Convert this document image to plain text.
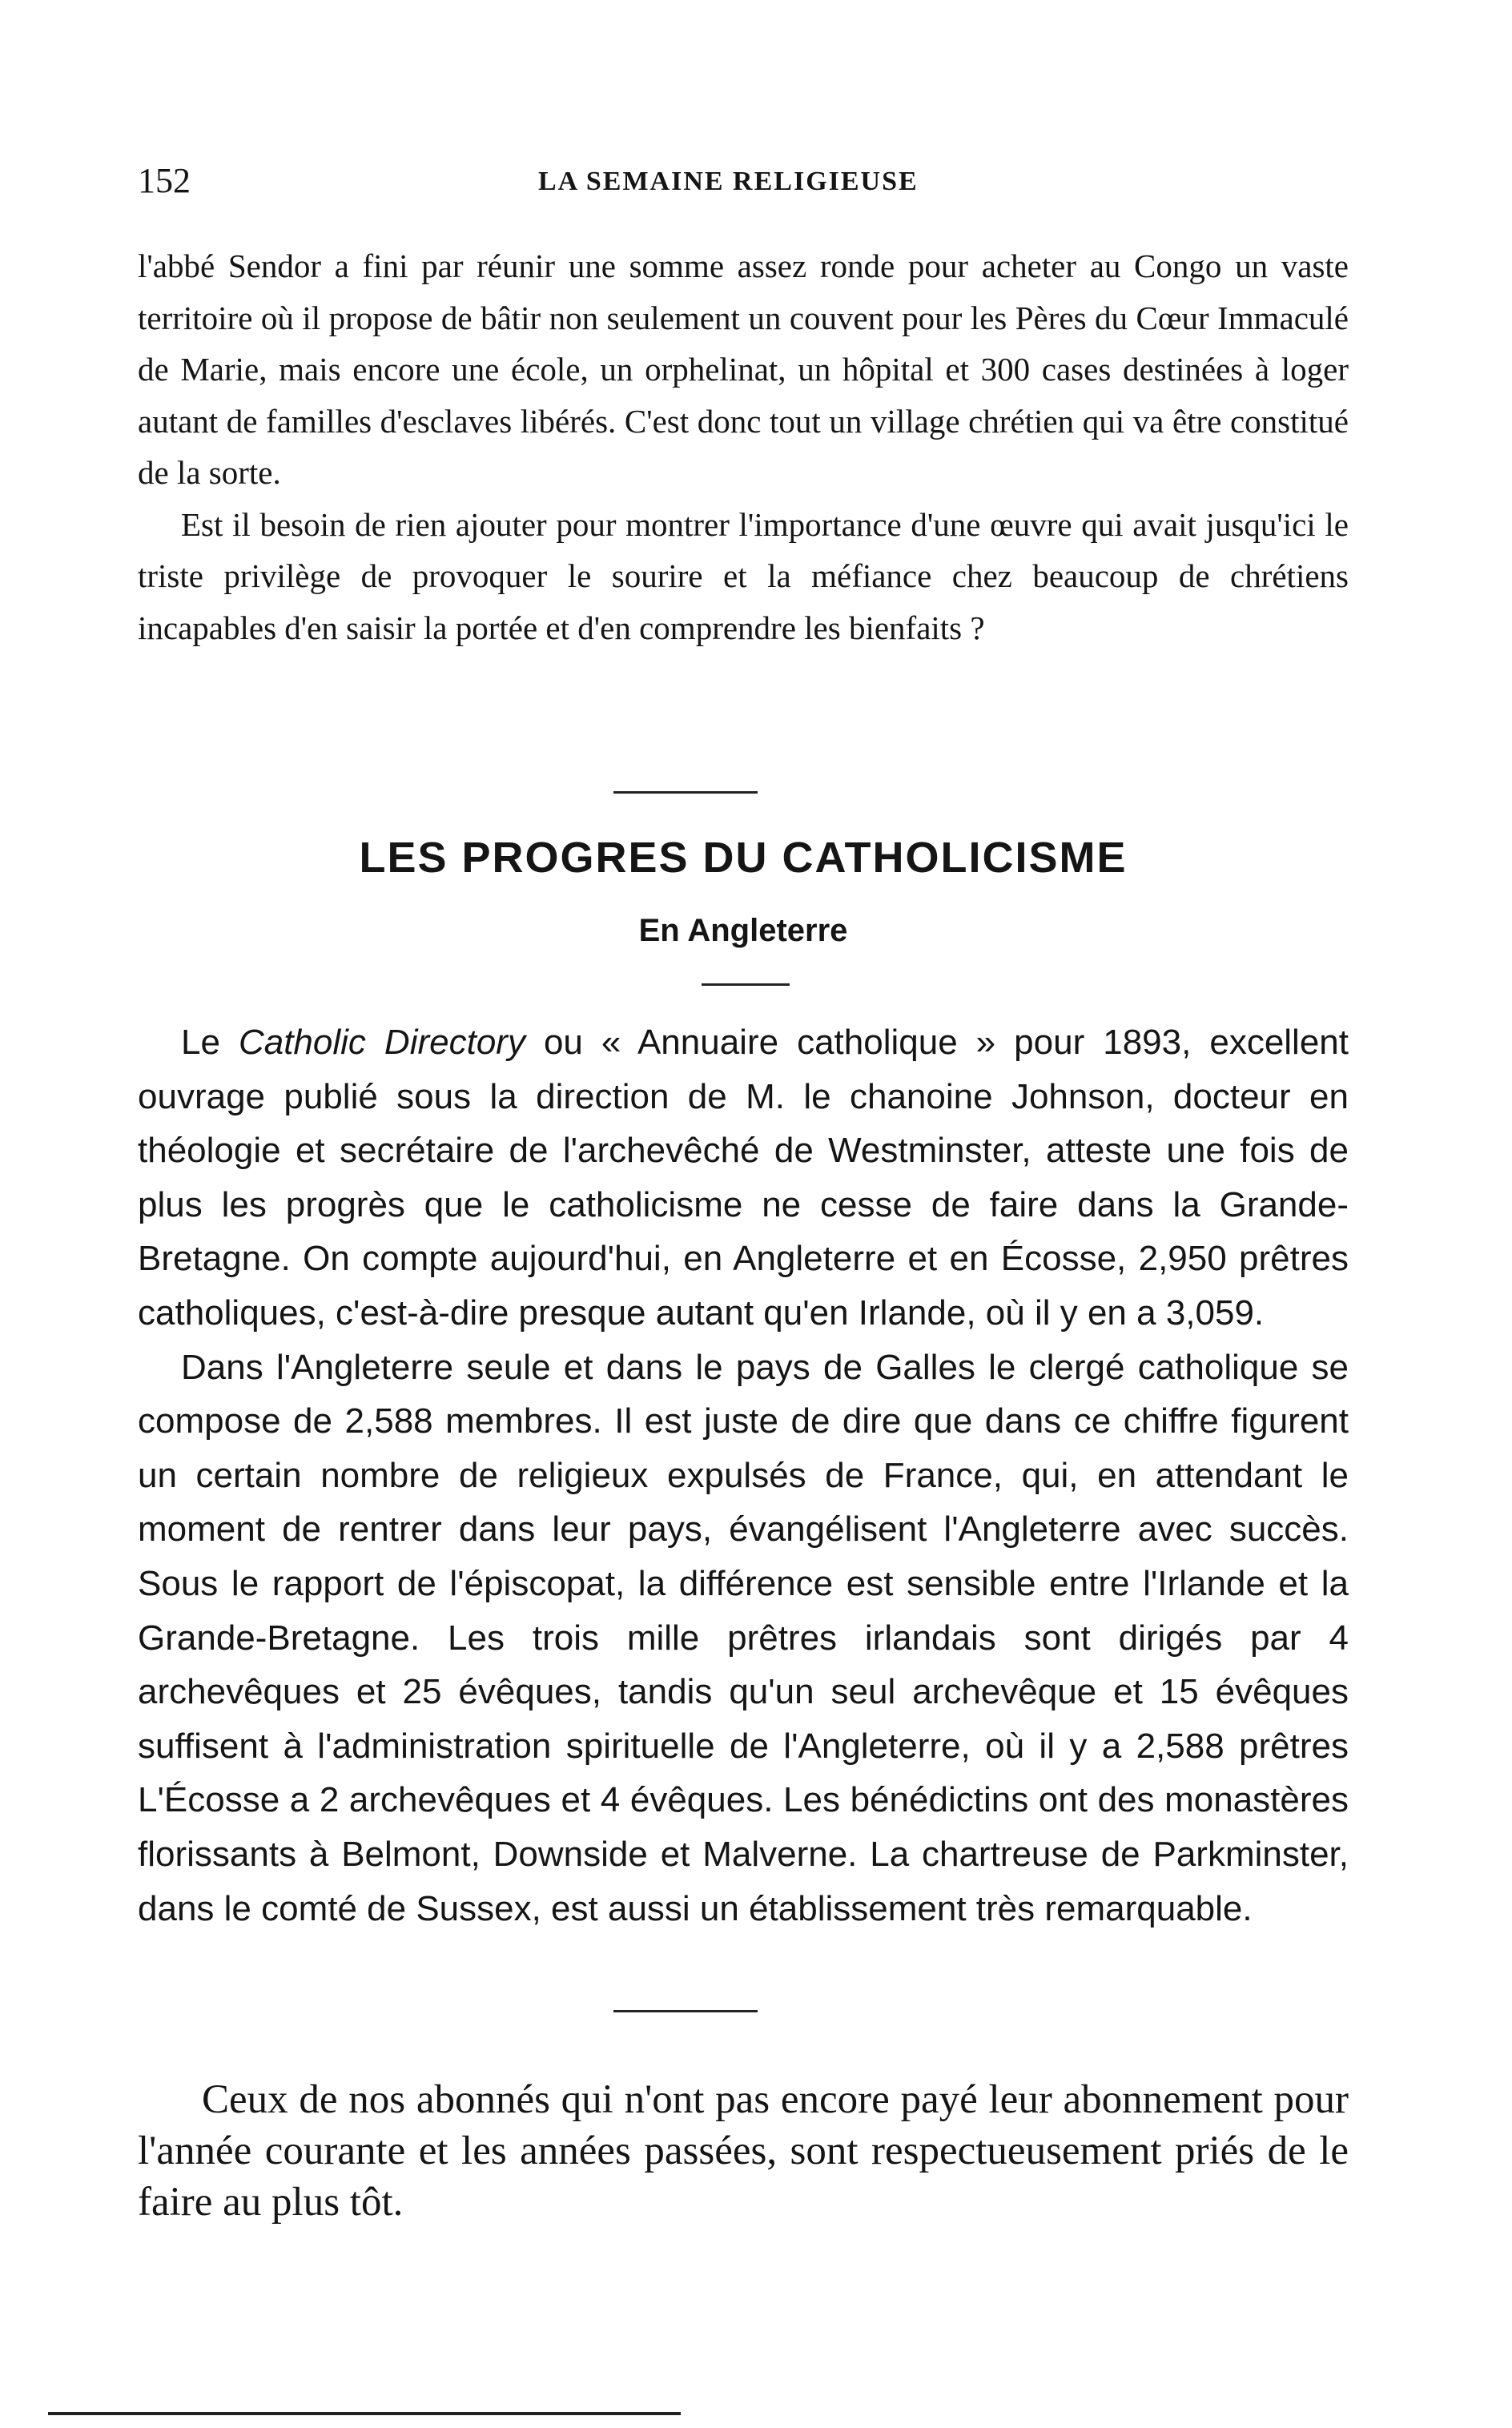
152	LA SEMAINE RELIGIEUSE

l'abbé Sendor a fini par réunir une somme assez ronde pour acheter au Congo un vaste territoire où il propose de bâtir non seulement un couvent pour les Pères du Cœur Immaculé de Marie, mais encore une école, un orphelinat, un hôpital et 300 cases destinées à loger autant de familles d'esclaves libérés. C'est donc tout un village chrétien qui va être constitué de la sorte.

Est il besoin de rien ajouter pour montrer l'importance d'une œuvre qui avait jusqu'ici le triste privilège de provoquer le sourire et la méfiance chez beaucoup de chrétiens incapables d'en saisir la portée et d'en comprendre les bienfaits ?

LES PROGRES DU CATHOLICISME
En Angleterre

Le Catholic Directory ou « Annuaire catholique » pour 1893, excellent ouvrage publié sous la direction de M. le chanoine Johnson, docteur en théologie et secrétaire de l'archevêché de Westminster, atteste une fois de plus les progrès que le catholicisme ne cesse de faire dans la Grande-Bretagne. On compte aujourd'hui, en Angleterre et en Écosse, 2,950 prêtres catholiques, c'est-à-dire presque autant qu'en Irlande, où il y en a 3,059.

Dans l'Angleterre seule et dans le pays de Galles le clergé catholique se compose de 2,588 membres. Il est juste de dire que dans ce chiffre figurent un certain nombre de religieux expulsés de France, qui, en attendant le moment de rentrer dans leur pays, évangélisent l'Angleterre avec succès. Sous le rapport de l'épiscopat, la différence est sensible entre l'Irlande et la Grande-Bretagne. Les trois mille prêtres irlandais sont dirigés par 4 archevêques et 25 évêques, tandis qu'un seul archevêque et 15 évêques suffisent à l'administration spirituelle de l'Angleterre, où il y a 2,588 prêtres L'Écosse a 2 archevêques et 4 évêques. Les bénédictins ont des monastères florissants à Belmont, Downside et Malverne. La chartreuse de Parkminster, dans le comté de Sussex, est aussi un établissement très remarquable.

Ceux de nos abonnés qui n'ont pas encore payé leur abonnement pour l'année courante et les années passées, sont respectueusement priés de le faire au plus tôt.
